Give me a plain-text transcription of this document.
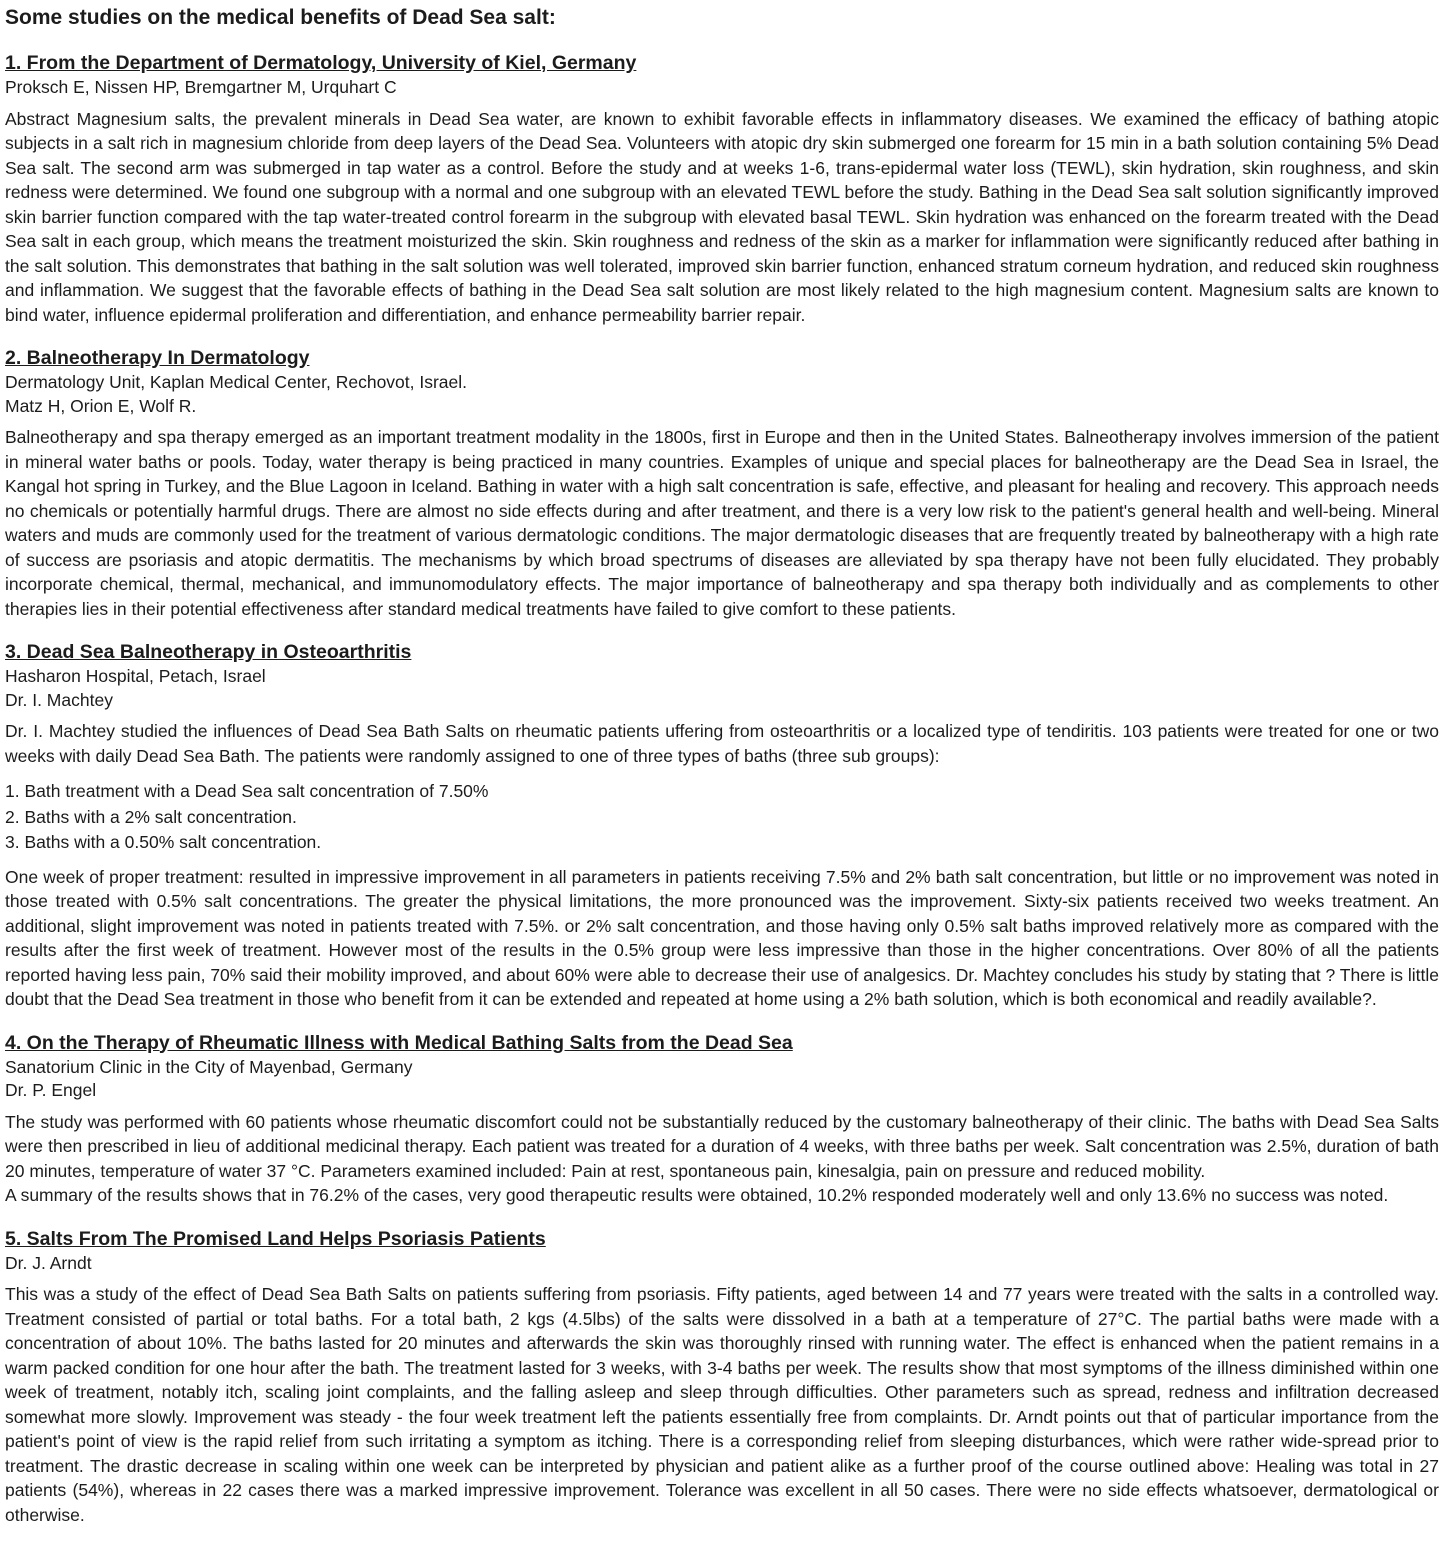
Some studies on the medical benefits of Dead Sea salt:
1. From the Department of Dermatology, University of Kiel, Germany
Proksch E, Nissen HP, Bremgartner M, Urquhart C

Abstract Magnesium salts, the prevalent minerals in Dead Sea water, are known to exhibit favorable effects in inflammatory diseases. We examined the efficacy of bathing atopic subjects in a salt rich in magnesium chloride from deep layers of the Dead Sea. Volunteers with atopic dry skin submerged one forearm for 15 min in a bath solution containing 5% Dead Sea salt. The second arm was submerged in tap water as a control. Before the study and at weeks 1-6, trans-epidermal water loss (TEWL), skin hydration, skin roughness, and skin redness were determined. We found one subgroup with a normal and one subgroup with an elevated TEWL before the study. Bathing in the Dead Sea salt solution significantly improved skin barrier function compared with the tap water-treated control forearm in the subgroup with elevated basal TEWL. Skin hydration was enhanced on the forearm treated with the Dead Sea salt in each group, which means the treatment moisturized the skin. Skin roughness and redness of the skin as a marker for inflammation were significantly reduced after bathing in the salt solution. This demonstrates that bathing in the salt solution was well tolerated, improved skin barrier function, enhanced stratum corneum hydration, and reduced skin roughness and inflammation. We suggest that the favorable effects of bathing in the Dead Sea salt solution are most likely related to the high magnesium content. Magnesium salts are known to bind water, influence epidermal proliferation and differentiation, and enhance permeability barrier repair.

2. Balneotherapy In Dermatology
Dermatology Unit, Kaplan Medical Center, Rechovot, Israel.
Matz H, Orion E, Wolf R.

Balneotherapy and spa therapy emerged as an important treatment modality in the 1800s, first in Europe and then in the United States. Balneotherapy involves immersion of the patient in mineral water baths or pools. Today, water therapy is being practiced in many countries. Examples of unique and special places for balneotherapy are the Dead Sea in Israel, the Kangal hot spring in Turkey, and the Blue Lagoon in Iceland. Bathing in water with a high salt concentration is safe, effective, and pleasant for healing and recovery. This approach needs no chemicals or potentially harmful drugs. There are almost no side effects during and after treatment, and there is a very low risk to the patient's general health and well-being. Mineral waters and muds are commonly used for the treatment of various dermatologic conditions. The major dermatologic diseases that are frequently treated by balneotherapy with a high rate of success are psoriasis and atopic dermatitis. The mechanisms by which broad spectrums of diseases are alleviated by spa therapy have not been fully elucidated. They probably incorporate chemical, thermal, mechanical, and immunomodulatory effects. The major importance of balneotherapy and spa therapy both individually and as complements to other therapies lies in their potential effectiveness after standard medical treatments have failed to give comfort to these patients.

3. Dead Sea Balneotherapy in Osteoarthritis
Hasharon Hospital, Petach, Israel
Dr. I. Machtey

Dr. I. Machtey studied the influences of Dead Sea Bath Salts on rheumatic patients uffering from osteoarthritis or a localized type of tendiritis. 103 patients were treated for one or two weeks with daily Dead Sea Bath. The patients were randomly assigned to one of three types of baths (three sub groups):

1. Bath treatment with a Dead Sea salt concentration of 7.50%
2. Baths with a 2% salt concentration.
3. Baths with a 0.50% salt concentration.

One week of proper treatment: resulted in impressive improvement in all parameters in patients receiving 7.5% and 2% bath salt concentration, but little or no improvement was noted in those treated with 0.5% salt concentrations. The greater the physical limitations, the more pronounced was the improvement. Sixty-six patients received two weeks treatment. An additional, slight improvement was noted in patients treated with 7.5%. or 2% salt concentration, and those having only 0.5% salt baths improved relatively more as compared with the results after the first week of treatment. However most of the results in the 0.5% group were less impressive than those in the higher concentrations. Over 80% of all the patients reported having less pain, 70% said their mobility improved, and about 60% were able to decrease their use of analgesics. Dr. Machtey concludes his study by stating that ? There is little doubt that the Dead Sea treatment in those who benefit from it can be extended and repeated at home using a 2% bath solution, which is both economical and readily available?.

4. On the Therapy of Rheumatic Illness with Medical Bathing Salts from the Dead Sea
Sanatorium Clinic in the City of Mayenbad, Germany
Dr. P. Engel

The study was performed with 60 patients whose rheumatic discomfort could not be substantially reduced by the customary balneotherapy of their clinic. The baths with Dead Sea Salts were then prescribed in lieu of additional medicinal therapy. Each patient was treated for a duration of 4 weeks, with three baths per week. Salt concentration was 2.5%, duration of bath 20 minutes, temperature of water 37 °C. Parameters examined included: Pain at rest, spontaneous pain, kinesalgia, pain on pressure and reduced mobility.

A summary of the results shows that in 76.2% of the cases, very good therapeutic results were obtained, 10.2% responded moderately well and only 13.6% no success was noted.

5. Salts From The Promised Land Helps Psoriasis Patients
Dr. J. Arndt

This was a study of the effect of Dead Sea Bath Salts on patients suffering from psoriasis. Fifty patients, aged between 14 and 77 years were treated with the salts in a controlled way. Treatment consisted of partial or total baths. For a total bath, 2 kgs (4.5lbs) of the salts were dissolved in a bath at a temperature of 27°C. The partial baths were made with a concentration of about 10%. The baths lasted for 20 minutes and afterwards the skin was thoroughly rinsed with running water. The effect is enhanced when the patient remains in a warm packed condition for one hour after the bath. The treatment lasted for 3 weeks, with 3-4 baths per week. The results show that most symptoms of the illness diminished within one week of treatment, notably itch, scaling joint complaints, and the falling asleep and sleep through difficulties. Other parameters such as spread, redness and infiltration decreased somewhat more slowly. Improvement was steady - the four week treatment left the patients essentially free from complaints. Dr. Arndt points out that of particular importance from the patient's point of view is the rapid relief from such irritating a symptom as itching. There is a corresponding relief from sleeping disturbances, which were rather wide-spread prior to treatment. The drastic decrease in scaling within one week can be interpreted by physician and patient alike as a further proof of the course outlined above: Healing was total in 27 patients (54%), whereas in 22 cases there was a marked impressive improvement. Tolerance was excellent in all 50 cases. There were no side effects whatsoever, dermatological or otherwise.
